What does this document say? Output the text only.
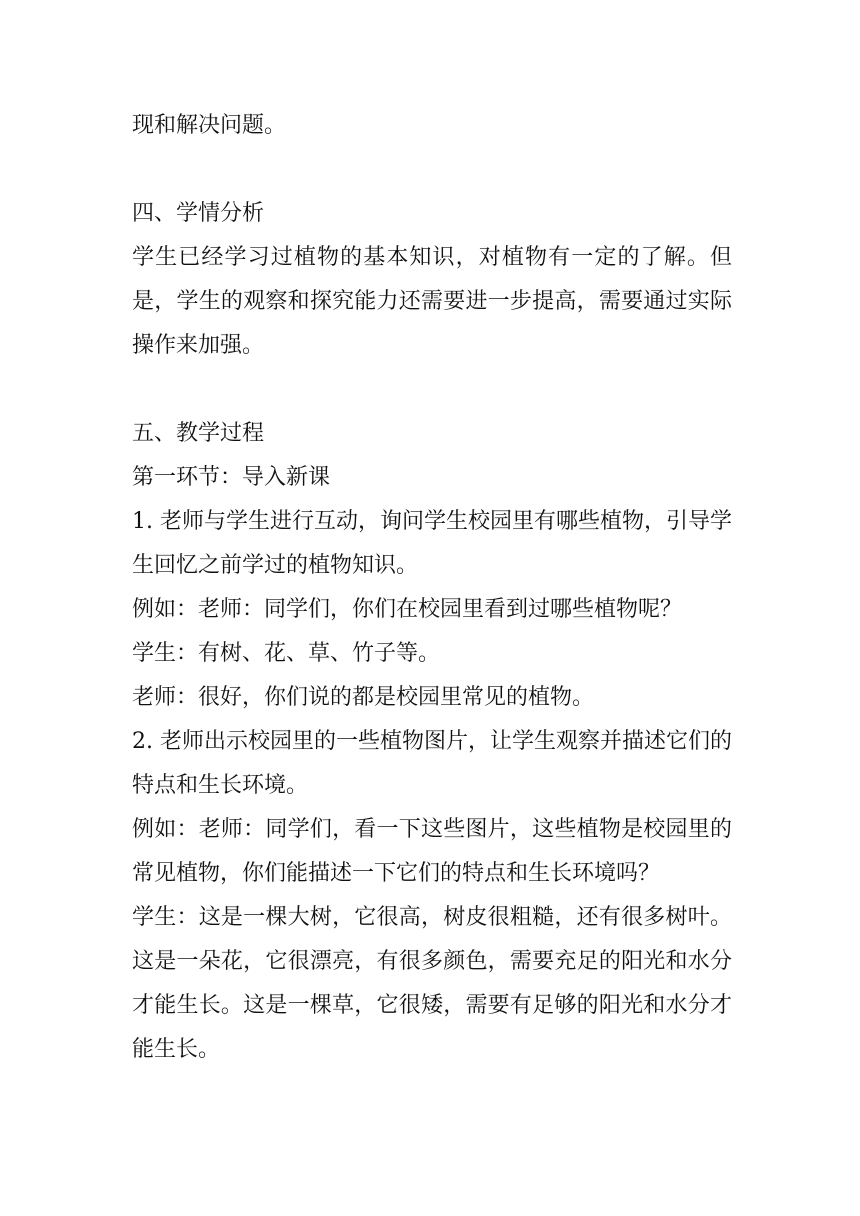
现和解决问题。

四、学情分析

学生已经学习过植物的基本知识，对植物有一定的了解。但是，学生的观察和探究能力还需要进一步提高，需要通过实际操作来加强。

五、教学过程

第一环节：导入新课

1. 老师与学生进行互动，询问学生校园里有哪些植物，引导学生回忆之前学过的植物知识。

例如：老师：同学们，你们在校园里看到过哪些植物呢？

学生：有树、花、草、竹子等。

老师：很好，你们说的都是校园里常见的植物。

2. 老师出示校园里的一些植物图片，让学生观察并描述它们的特点和生长环境。

例如：老师：同学们，看一下这些图片，这些植物是校园里的常见植物，你们能描述一下它们的特点和生长环境吗？

学生：这是一棵大树，它很高，树皮很粗糙，还有很多树叶。这是一朵花，它很漂亮，有很多颜色，需要充足的阳光和水分才能生长。这是一棵草，它很矮，需要有足够的阳光和水分才能生长。
